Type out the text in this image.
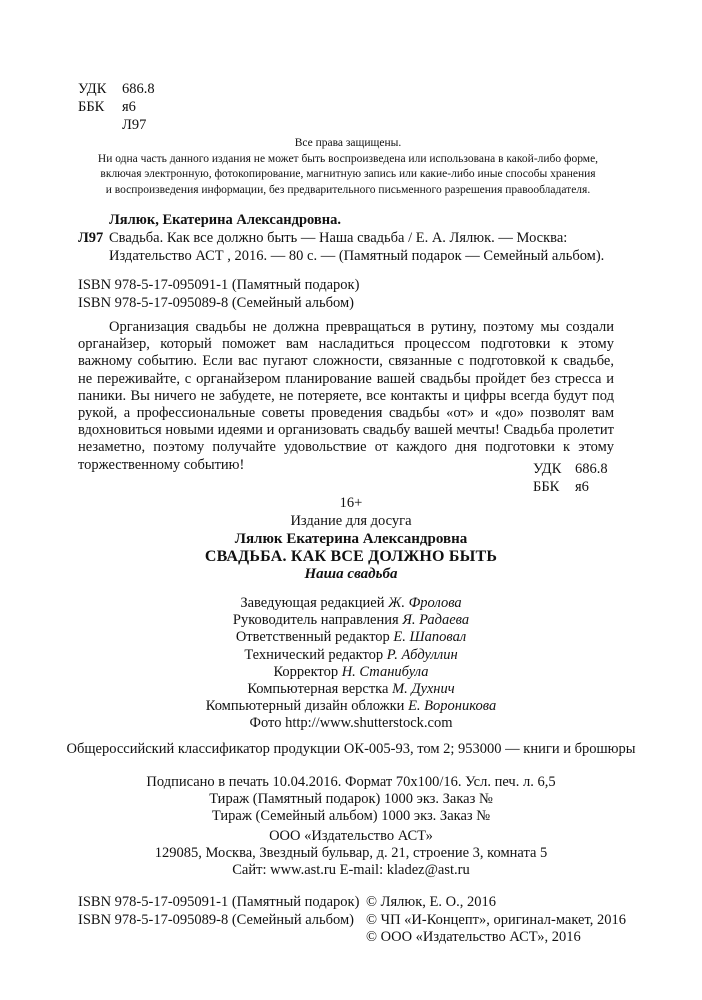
УДК 686.8
ББК я6
Л97
Все права защищены.
Ни одна часть данного издания не может быть воспроизведена или использована в какой-либо форме,
включая электронную, фотокопирование, магнитную запись или какие-либо иные способы хранения
и воспроизведения информации, без предварительного письменного разрешения правообладателя.
Лялюк, Екатерина Александровна.
Л97 Свадьба. Как все должно быть — Наша свадьба / Е. А. Лялюк. — Москва:
Издательство АСТ , 2016. — 80 с. — (Памятный подарок — Семейный альбом).
ISBN 978-5-17-095091-1 (Памятный подарок)
ISBN 978-5-17-095089-8 (Семейный альбом)
Организация свадьбы не должна превращаться в рутину, поэтому мы создали органайзер, который поможет вам насладиться процессом подготовки к этому важному событию. Если вас пугают сложности, связанные с подготовкой к свадьбе, не переживайте, с органайзером планирование вашей свадьбы пройдет без стресса и паники. Вы ничего не забудете, не потеряете, все контакты и цифры всегда будут под рукой, а профессиональные советы проведения свадьбы «от» и «до» позволят вам вдохновиться новыми идеями и организовать свадьбу вашей мечты! Свадьба пролетит незаметно, поэтому получайте удовольствие от каждого дня подготовки к этому торжественному событию!	УДК 686.8
ББК я6
16+
Издание для досуга
Лялюк Екатерина Александровна
СВАДЬБА. КАК ВСЕ ДОЛЖНО БЫТЬ
Наша свадьба
Заведующая редакцией Ж. Фролова
Руководитель направления Я. Радаева
Ответственный редактор Е. Шаповал
Технический редактор Р. Абдуллин
Корректор Н. Станибула
Компьютерная верстка М. Духнич
Компьютерный дизайн обложки Е. Ворониковa
Фото http://www.shutterstock.com
Общероссийский классификатор продукции ОК-005-93, том 2; 953000 — книги и брошюры
Подписано в печать 10.04.2016. Формат 70x100/16. Усл. печ. л. 6,5
Тираж (Памятный подарок) 1000 экз. Заказ №
Тираж (Семейный альбом) 1000 экз. Заказ №
ООО «Издательство АСТ»
129085, Москва, Звездный бульвар, д. 21, строение 3, комната 5
Сайт: www.ast.ru E-mail: kladez@ast.ru
ISBN 978-5-17-095091-1 (Памятный подарок)
ISBN 978-5-17-095089-8 (Семейный альбом)
© Лялюк, Е. О., 2016
© ЧП «И-Концепт», оригинал-макет, 2016
© ООО «Издательство АСТ», 2016
